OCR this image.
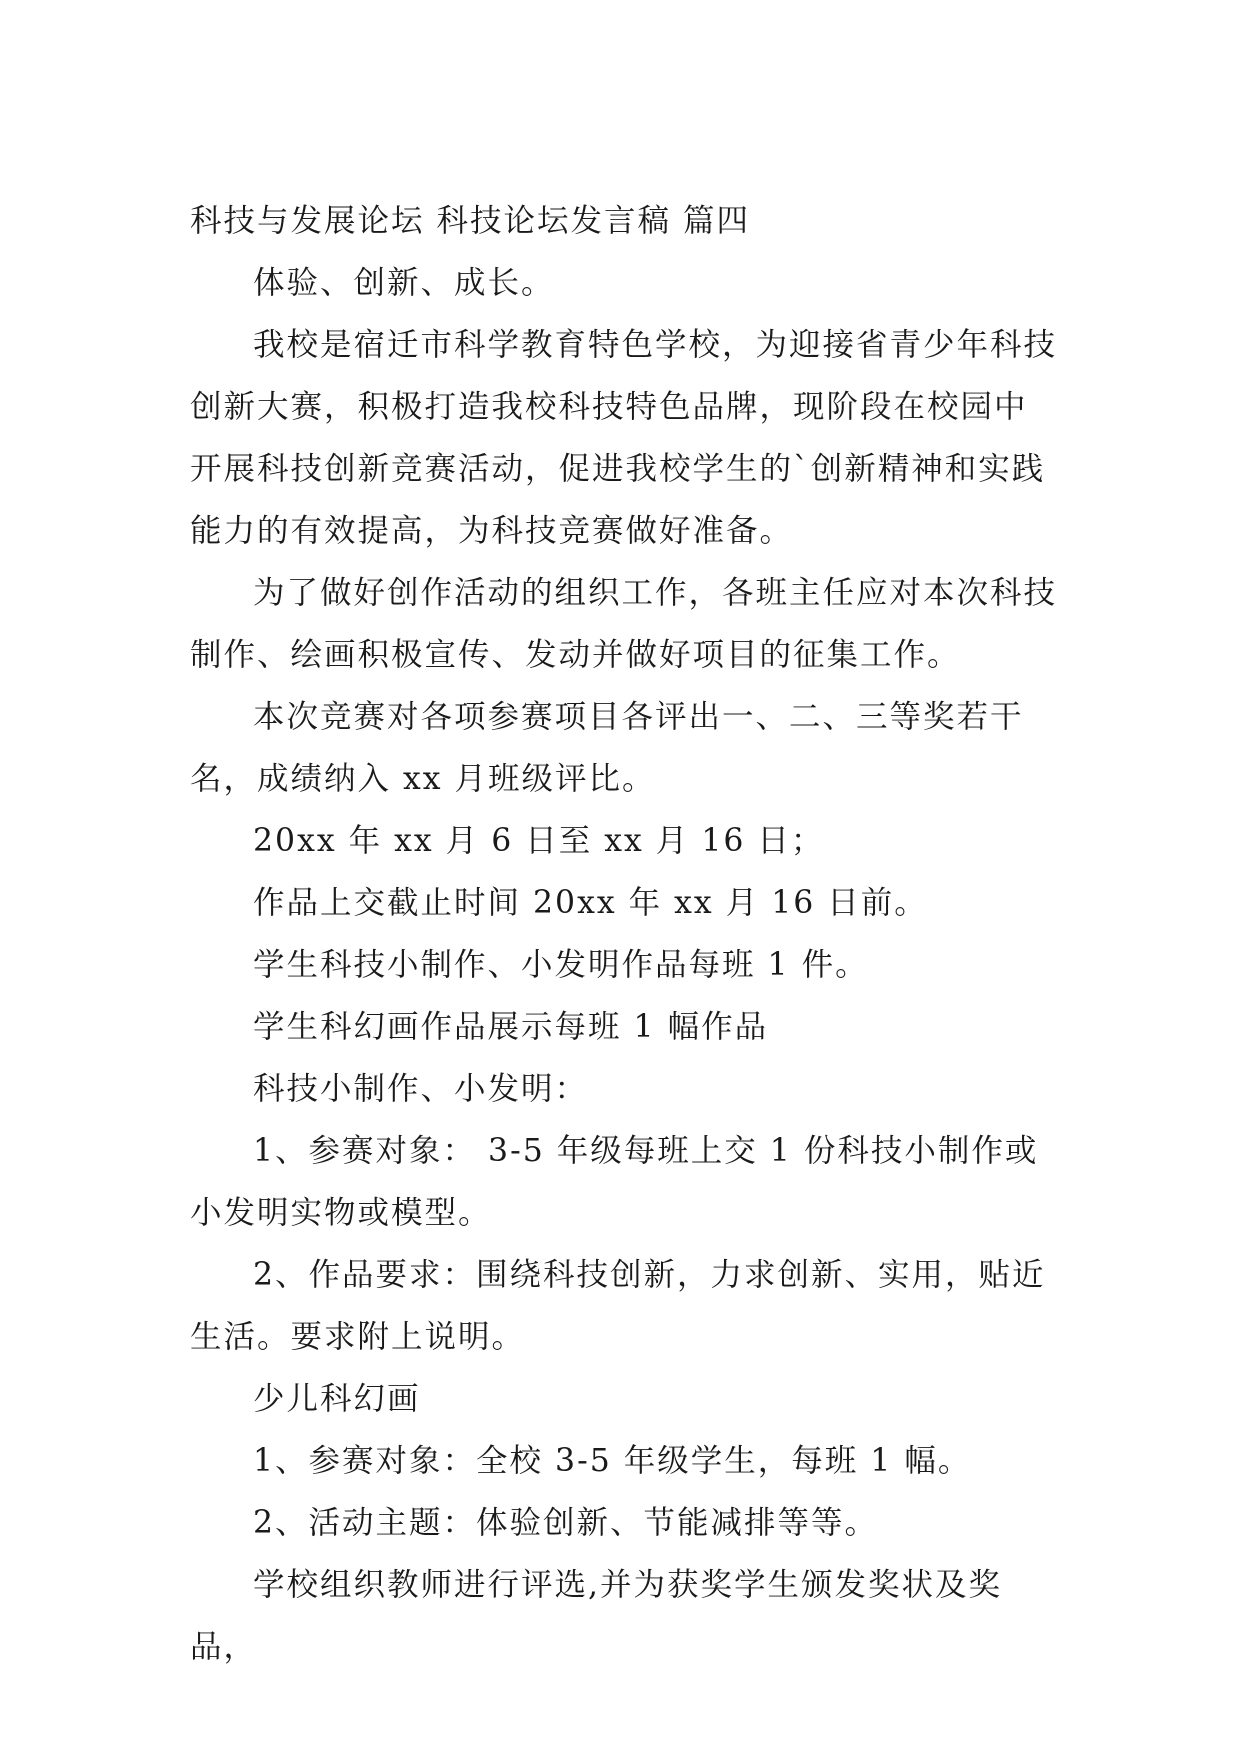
科技与发展论坛 科技论坛发言稿 篇四

体验、创新、成长。

我校是宿迁市科学教育特色学校，为迎接省青少年科技创新大赛，积极打造我校科技特色品牌，现阶段在校园中开展科技创新竞赛活动，促进我校学生的`创新精神和实践能力的有效提高，为科技竞赛做好准备。

为了做好创作活动的组织工作，各班主任应对本次科技制作、绘画积极宣传、发动并做好项目的征集工作。

本次竞赛对各项参赛项目各评出一、二、三等奖若干名，成绩纳入 xx 月班级评比。

20xx 年 xx 月 6 日至 xx 月 16 日；

作品上交截止时间 20xx 年 xx 月 16 日前。

学生科技小制作、小发明作品每班 1 件。

学生科幻画作品展示每班 1 幅作品

科技小制作、小发明：

1、参赛对象： 3-5 年级每班上交 1 份科技小制作或小发明实物或模型。

2、作品要求：围绕科技创新，力求创新、实用，贴近生活。要求附上说明。

少儿科幻画

1、参赛对象：全校 3-5 年级学生，每班 1 幅。

2、活动主题：体验创新、节能减排等等。

学校组织教师进行评选,并为获奖学生颁发奖状及奖品，
